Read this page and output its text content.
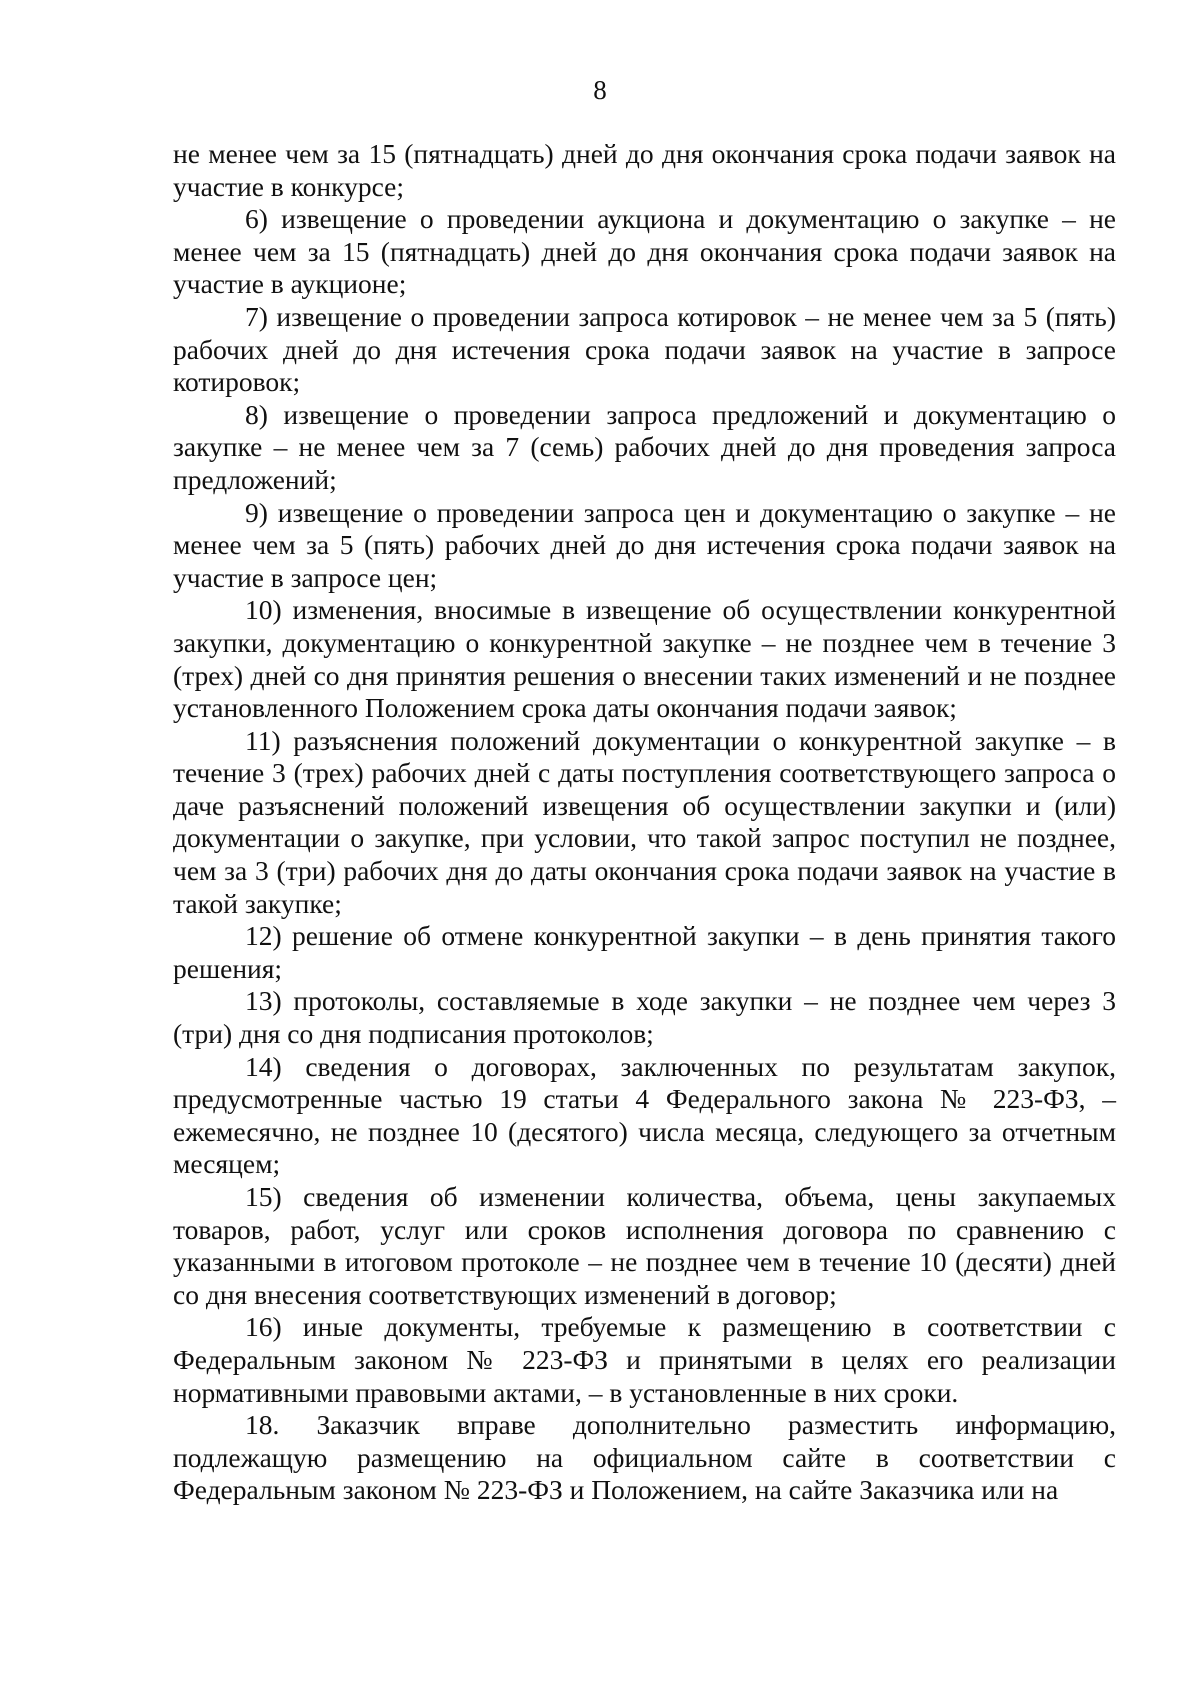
8

не менее чем за 15 (пятнадцать) дней до дня окончания срока подачи заявок на участие в конкурсе;

6) извещение о проведении аукциона и документацию о закупке – не менее чем за 15 (пятнадцать) дней до дня окончания срока подачи заявок на участие в аукционе;

7) извещение о проведении запроса котировок – не менее чем за 5 (пять) рабочих дней до дня истечения срока подачи заявок на участие в запросе котировок;

8) извещение о проведении запроса предложений и документацию о закупке – не менее чем за 7 (семь) рабочих дней до дня проведения запроса предложений;

9) извещение о проведении запроса цен и документацию о закупке – не менее чем за 5 (пять) рабочих дней до дня истечения срока подачи заявок на участие в запросе цен;

10) изменения, вносимые в извещение об осуществлении конкурентной закупки, документацию о конкурентной закупке – не позднее чем в течение 3 (трех) дней со дня принятия решения о внесении таких изменений и не позднее установленного Положением срока даты окончания подачи заявок;

11) разъяснения положений документации о конкурентной закупке – в течение 3 (трех) рабочих дней с даты поступления соответствующего запроса о даче разъяснений положений извещения об осуществлении закупки и (или) документации о закупке, при условии, что такой запрос поступил не позднее, чем за 3 (три) рабочих дня до даты окончания срока подачи заявок на участие в такой закупке;

12) решение об отмене конкурентной закупки – в день принятия такого решения;

13) протоколы, составляемые в ходе закупки – не позднее чем через 3 (три) дня со дня подписания протоколов;

14) сведения о договорах, заключенных по результатам закупок, предусмотренные частью 19 статьи 4 Федерального закона № 223-ФЗ, – ежемесячно, не позднее 10 (десятого) числа месяца, следующего за отчетным месяцем;

15) сведения об изменении количества, объема, цены закупаемых товаров, работ, услуг или сроков исполнения договора по сравнению с указанными в итоговом протоколе – не позднее чем в течение 10 (десяти) дней со дня внесения соответствующих изменений в договор;

16) иные документы, требуемые к размещению в соответствии с Федеральным законом № 223-ФЗ и принятыми в целях его реализации нормативными правовыми актами, – в установленные в них сроки.

18. Заказчик вправе дополнительно разместить информацию, подлежащую размещению на официальном сайте в соответствии с Федеральным законом № 223-ФЗ и Положением, на сайте Заказчика или на
